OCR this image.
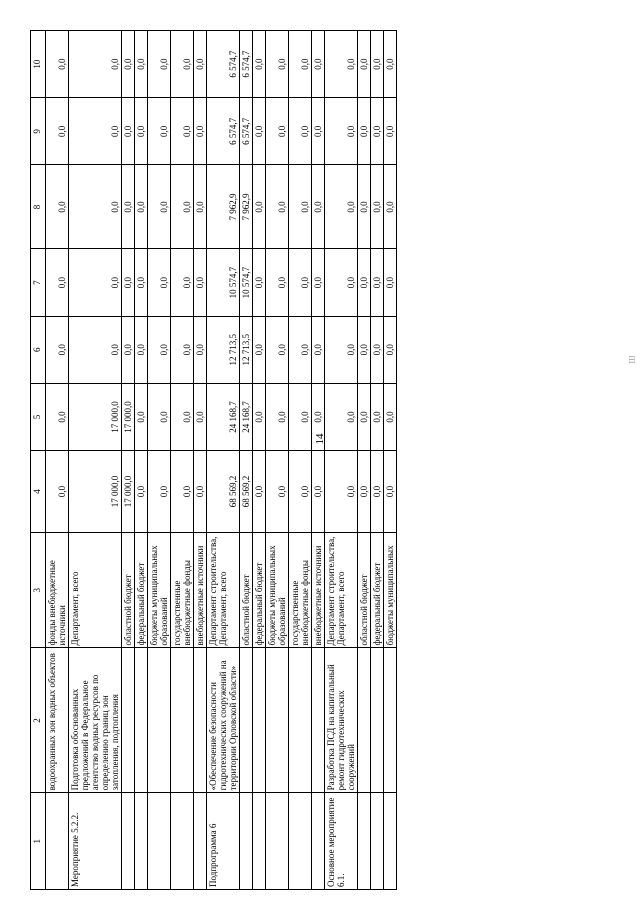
14
Ш
1	2	3	4	5	6	7	8	9	10
	водоохранных зон водных объектов	фонды внебюджетные источники	0,0	0,0	0,0	0,0	0,0	0,0	0,0
Мероприятие 5.2.2.	Подготовка обоснованных предложений в Федеральное агентство водных ресурсов по определению границ зон затопления, подтопления	Департамент, всего	17 000,0	17 000,0	0,0	0,0	0,0	0,0	0,0
		областной бюджет	17 000,0	17 000,0	0,0	0,0	0,0	0,0	0,0
		федеральный бюджет	0,0	0,0	0,0	0,0	0,0	0,0	0,0
		бюджеты муниципальных образований	0,0	0,0	0,0	0,0	0,0	0,0	0,0
		государственные внебюджетные фонды	0,0	0,0	0,0	0,0	0,0	0,0	0,0
		внебюджетные источники	0,0	0,0	0,0	0,0	0,0	0,0	0,0
Подпрограмма 6	«Обеспечение безопасности гидротехнических сооружений на территории Орловской области»	Департамент строительства, Департамент, всего	68 569,2	24 168,7	12 713,5	10 574,7	7 962,9	6 574,7	6 574,7
		областной бюджет	68 569,2	24 168,7	12 713,5	10 574,7	7 962,9	6 574,7	6 574,7
		федеральный бюджет	0,0	0,0	0,0	0,0	0,0	0,0	0,0
		бюджеты муниципальных образований	0,0	0,0	0,0	0,0	0,0	0,0	0,0
		государственные внебюджетные фонды	0,0	0,0	0,0	0,0	0,0	0,0	0,0
		внебюджетные источники	0,0	0,0	0,0	0,0	0,0	0,0	0,0
Основное мероприятие 6.1.	Разработка ПСД на капитальный ремонт гидротехнических сооружений	Департамент строительства, Департамент, всего	0,0	0,0	0,0	0,0	0,0	0,0	0,0
		областной бюджет	0,0	0,0	0,0	0,0	0,0	0,0	0,0
		федеральный бюджет	0,0	0,0	0,0	0,0	0,0	0,0	0,0
		бюджеты муниципальных	0,0	0,0	0,0	0,0	0,0	0,0	0,0
